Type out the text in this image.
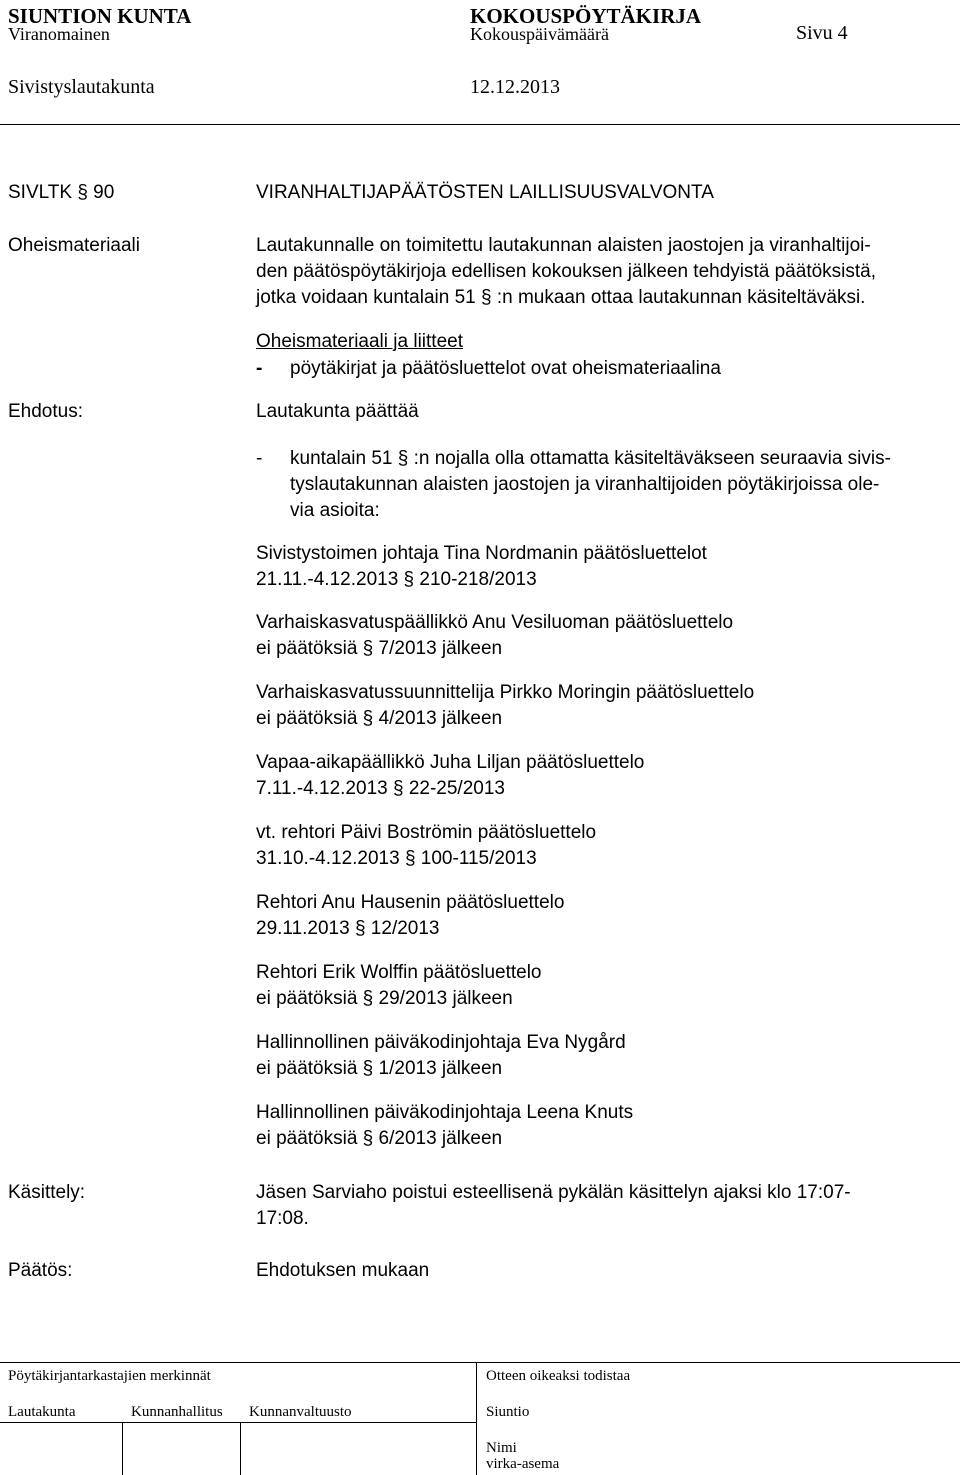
SIUNTION KUNTA	KOKOUSPÖYTÄKIRJA
Viranomainen	Kokouspäivämäärä	Sivu 4
Sivistyslautakunta	12.12.2013
SIVLTK § 90	VIRANHALTIJAPÄÄTÖSTEN LAILLISUUSVALVONTA
Oheismateriaali	Lautakunnalle on toimitettu lautakunnan alaisten jaostojen ja viranhaltijoi-
den päätöspöytäkirjoja edellisen kokouksen jälkeen tehdyistä päätöksistä,
jotka voidaan kuntalain 51 § :n mukaan ottaa lautakunnan käsiteltäväksi.
Oheismateriaali ja liitteet
- pöytäkirjat ja päätösluettelot ovat oheismateriaalina
Ehdotus:	Lautakunta päättää
- kuntalain 51 § :n nojalla olla ottamatta käsiteltäväkseen seuraavia sivis-
tyslautakunnan alaisten jaostojen ja viranhaltijoiden pöytäkirjoissa ole-
via asioita:
Sivistystoimen johtaja Tina Nordmanin päätösluettelot
21.11.-4.12.2013 § 210-218/2013
Varhaiskasvatuspäällikkö Anu Vesiluoman päätösluettelo
ei päätöksiä § 7/2013 jälkeen
Varhaiskasvatussuunnittelija Pirkko Moringin päätösluettelo
ei päätöksiä § 4/2013 jälkeen
Vapaa-aikapäällikkö Juha Liljan päätösluettelo
7.11.-4.12.2013 § 22-25/2013
vt. rehtori Päivi Boströmin päätösluettelo
31.10.-4.12.2013 § 100-115/2013
Rehtori Anu Hausenin päätösluettelo
29.11.2013 § 12/2013
Rehtori Erik Wolffin päätösluettelo
ei päätöksiä § 29/2013 jälkeen
Hallinnollinen päiväkodinjohtaja Eva Nygård
ei päätöksiä § 1/2013 jälkeen
Hallinnollinen päiväkodinjohtaja Leena Knuts
ei päätöksiä § 6/2013 jälkeen
Käsittely:	Jäsen Sarviaho poistui esteellisenä pykälän käsittelyn ajaksi klo 17:07-
17:08.
Päätös:	Ehdotuksen mukaan
Pöytäkirjantarkastajien merkinnät	Otteen oikeaksi todistaa
Lautakunta	Kunnanhallitus Kunnanvaltuusto	Siuntio
Nimi
virka-asema
